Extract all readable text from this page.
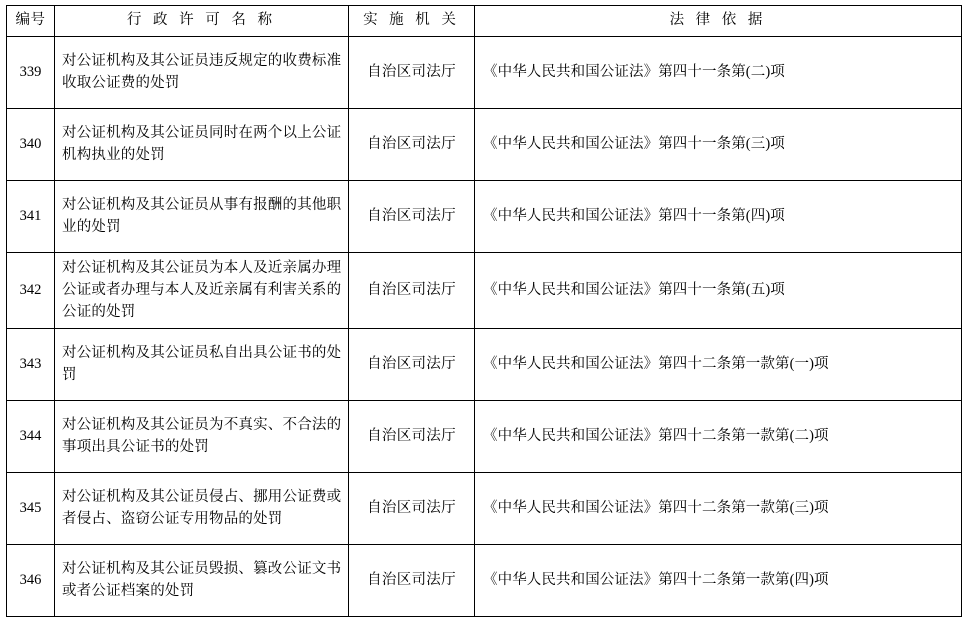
编号	行 政 许 可 名 称	实 施 机 关	法 律 依 据
339	对公证机构及其公证员违反规定的收费标准收取公证费的处罚	自治区司法厅	《中华人民共和国公证法》第四十一条第(二)项
340	对公证机构及其公证员同时在两个以上公证机构执业的处罚	自治区司法厅	《中华人民共和国公证法》第四十一条第(三)项
341	对公证机构及其公证员从事有报酬的其他职业的处罚	自治区司法厅	《中华人民共和国公证法》第四十一条第(四)项
342	对公证机构及其公证员为本人及近亲属办理公证或者办理与本人及近亲属有利害关系的公证的处罚	自治区司法厅	《中华人民共和国公证法》第四十一条第(五)项
343	对公证机构及其公证员私自出具公证书的处罚	自治区司法厅	《中华人民共和国公证法》第四十二条第一款第(一)项
344	对公证机构及其公证员为不真实、不合法的事项出具公证书的处罚	自治区司法厅	《中华人民共和国公证法》第四十二条第一款第(二)项
345	对公证机构及其公证员侵占、挪用公证费或者侵占、盗窃公证专用物品的处罚	自治区司法厅	《中华人民共和国公证法》第四十二条第一款第(三)项
346	对公证机构及其公证员毁损、篡改公证文书或者公证档案的处罚	自治区司法厅	《中华人民共和国公证法》第四十二条第一款第(四)项
